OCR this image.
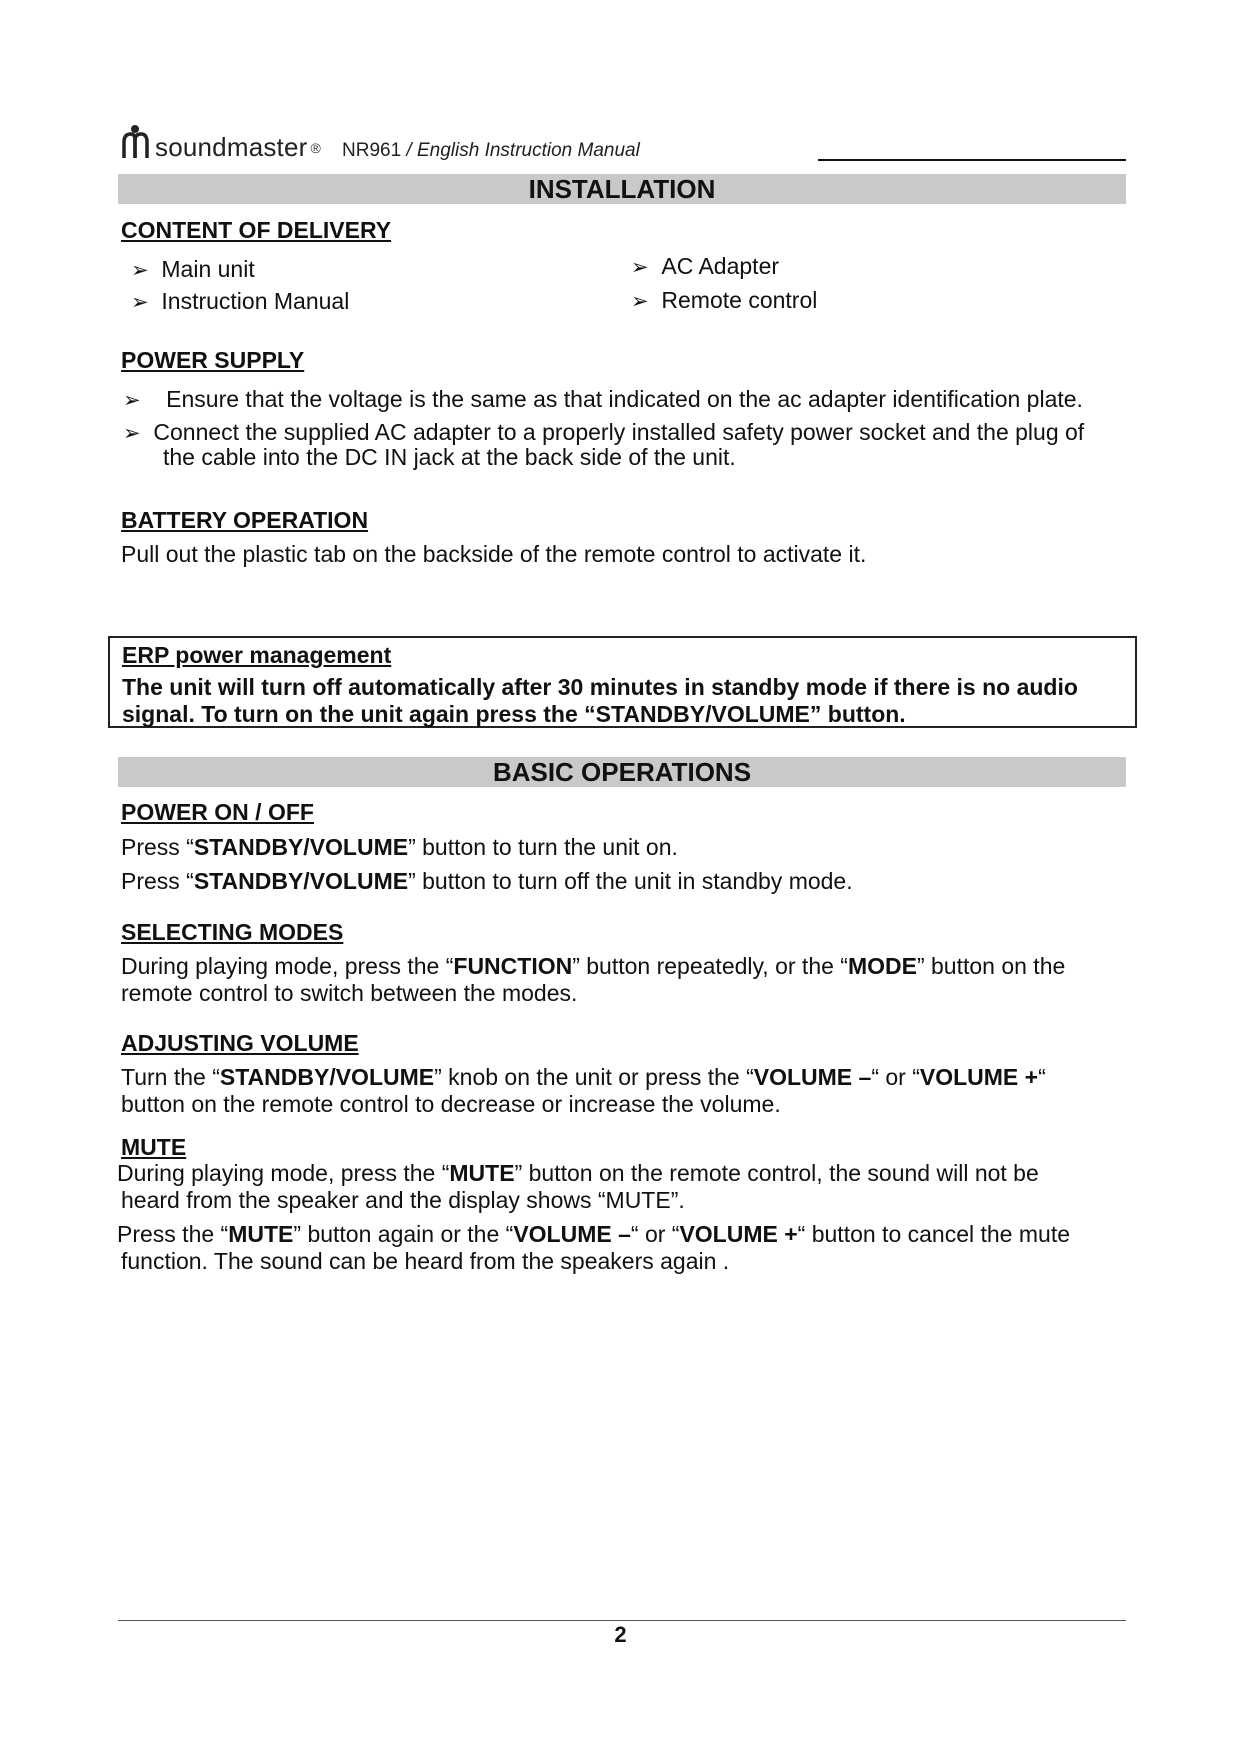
soundmaster ® NR961 / English Instruction Manual
INSTALLATION
CONTENT OF DELIVERY
➢ Main unit
➢ Instruction Manual
➢ AC Adapter
➢ Remote control
POWER SUPPLY
➢ Ensure that the voltage is the same as that indicated on the ac adapter identification plate.
➢ Connect the supplied AC adapter to a properly installed safety power socket and the plug of
the cable into the DC IN jack at the back side of the unit.
BATTERY OPERATION
Pull out the plastic tab on the backside of the remote control to activate it.
ERP power management
The unit will turn off automatically after 30 minutes in standby mode if there is no audio
signal. To turn on the unit again press the “STANDBY/VOLUME” button.
BASIC OPERATIONS
POWER ON / OFF
Press “STANDBY/VOLUME” button to turn the unit on.
Press “STANDBY/VOLUME” button to turn off the unit in standby mode.
SELECTING MODES
During playing mode, press the “FUNCTION” button repeatedly, or the “MODE” button on the
remote control to switch between the modes.
ADJUSTING VOLUME
Turn the “STANDBY/VOLUME” knob on the unit or press the “VOLUME –“ or “VOLUME +“
button on the remote control to decrease or increase the volume.
MUTE
During playing mode, press the “MUTE” button on the remote control, the sound will not be
heard from the speaker and the display shows “MUTE”.
Press the “MUTE” button again or the “VOLUME –“ or “VOLUME +“ button to cancel the mute
function. The sound can be heard from the speakers again .
2
